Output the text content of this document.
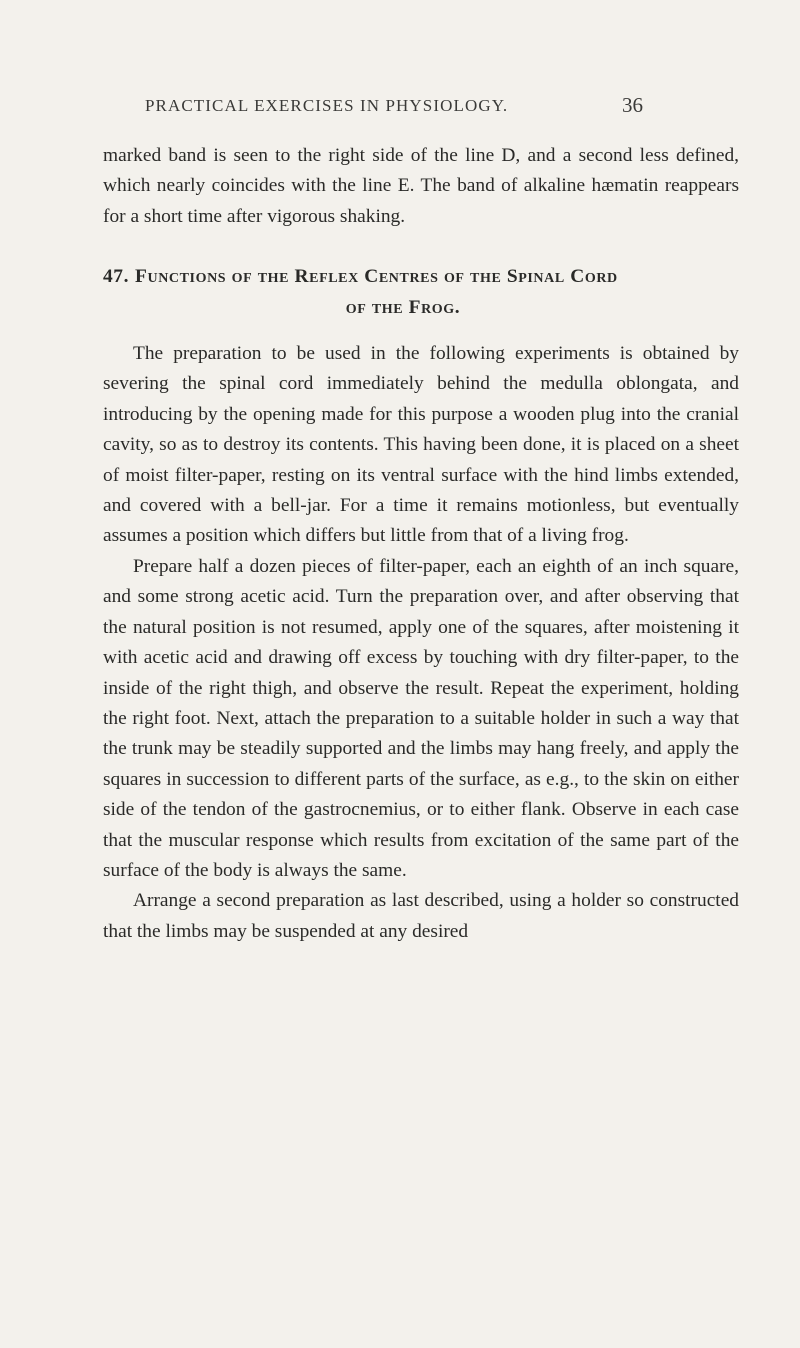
PRACTICAL EXERCISES IN PHYSIOLOGY.	36

marked band is seen to the right side of the line D, and a second less defined, which nearly coincides with the line E. The band of alkaline hæmatin reappears for a short time after vigorous shaking.

47. Functions of the Reflex Centres of the Spinal Cord
of the Frog.

The preparation to be used in the following experiments is obtained by severing the spinal cord immediately behind the medulla oblongata, and introducing by the opening made for this purpose a wooden plug into the cranial cavity, so as to destroy its contents. This having been done, it is placed on a sheet of moist filter-paper, resting on its ventral surface with the hind limbs extended, and covered with a bell-jar. For a time it remains motionless, but eventually assumes a position which differs but little from that of a living frog.

Prepare half a dozen pieces of filter-paper, each an eighth of an inch square, and some strong acetic acid. Turn the preparation over, and after observing that the natural position is not resumed, apply one of the squares, after moistening it with acetic acid and drawing off excess by touching with dry filter-paper, to the inside of the right thigh, and observe the result. Repeat the experiment, holding the right foot. Next, attach the preparation to a suitable holder in such a way that the trunk may be steadily supported and the limbs may hang freely, and apply the squares in succession to different parts of the surface, as e.g., to the skin on either side of the tendon of the gastrocnemius, or to either flank. Observe in each case that the muscular response which results from excitation of the same part of the surface of the body is always the same.

Arrange a second preparation as last described, using a holder so constructed that the limbs may be suspended at any desired
